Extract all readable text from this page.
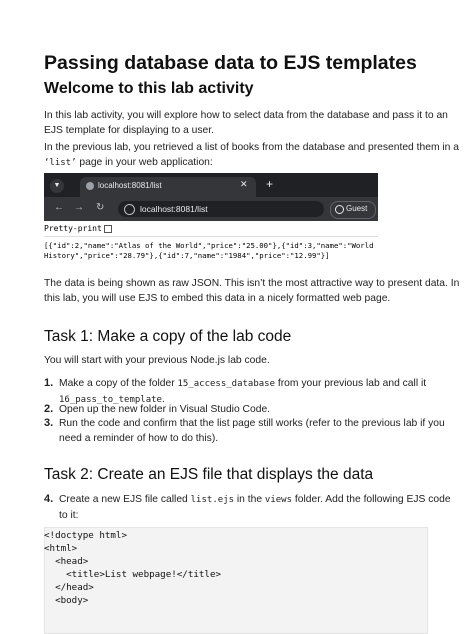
Passing database data to EJS templates
Welcome to this lab activity
In this lab activity, you will explore how to select data from the database and pass it to an
EJS template for displaying to a user.
In the previous lab, you retrieved a list of books from the database and presented them in a
‘list’ page in your web application:
▼	localhost:8081/list	✕ +
← → ↻	localhost:8081/list	Guest
Pretty-print
[{"id":2,"name":"Atlas of the World","price":"25.00"},{"id":3,"name":"World
History","price":"28.79"},{"id":7,"name":"1984","price":"12.99"}]
The data is being shown as raw JSON. This isn’t the most attractive way to present data. In
this lab, you will use EJS to embed this data in a nicely formatted web page.
Task 1: Make a copy of the lab code
You will start with your previous Node.js lab code.
1. Make a copy of the folder 15_access_database from your previous lab and call it
16_pass_to_template.
2. Open up the new folder in Visual Studio Code.
3. Run the code and confirm that the list page still works (refer to the previous lab if you
need a reminder of how to do this).
Task 2: Create an EJS file that displays the data
4. Create a new EJS file called list.ejs in the views folder. Add the following EJS code
to it:
<!doctype html>
<html>
<head>
<title>List webpage!</title>
</head>
<body>
